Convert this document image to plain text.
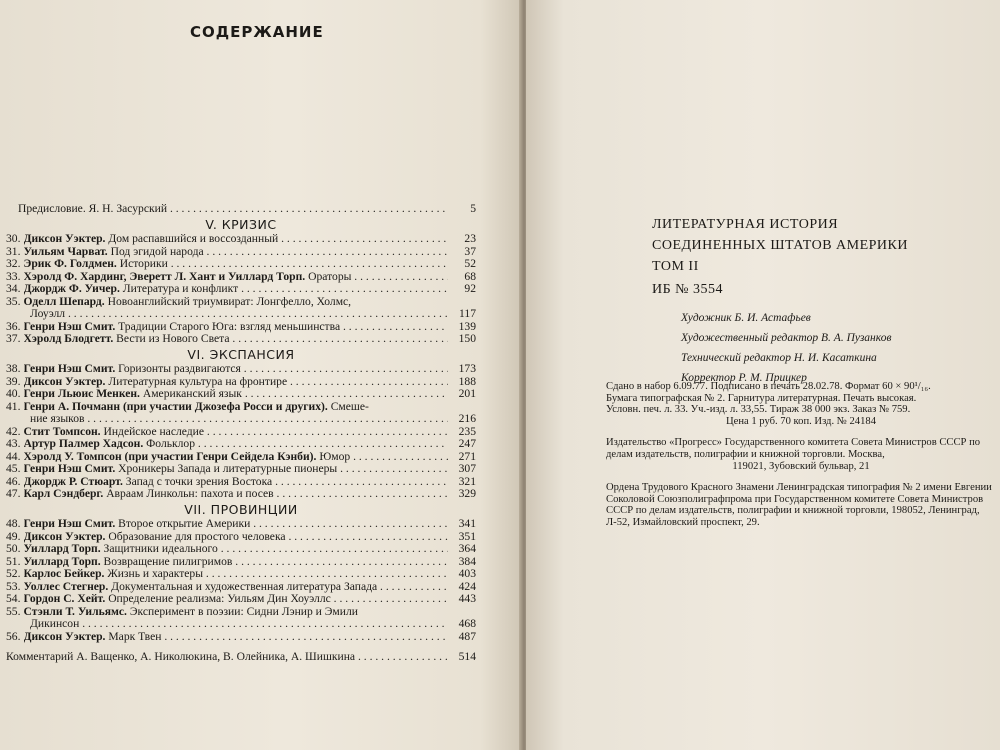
СОДЕРЖАНИЕ
Предисловие. Я. Н. Засурский . . .	5
V. КРИЗИС
30. Диксон Уэктер. Дом распавшийся и воссозданный . . .	23
31. Уильям Чарват. Под эгидой народа . . .	37
32. Эрик Ф. Голдмен. Историки . . .	52
33. Хэролд Ф. Хардинг, Эверетт Л. Хант и Уиллард Торп. Ораторы . . .	68
34. Джордж Ф. Уичер. Литература и конфликт . . .	92
35. Оделл Шепард. Новоанглийский триумвират: Лонгфелло, Холмс,
Лоуэлл . . .	117
36. Генри Нэш Смит. Традиции Старого Юга: взгляд меньшинства . . .	139
37. Хэролд Блодгетт. Вести из Нового Света . . .	150
VI. ЭКСПАНСИЯ
38. Генри Нэш Смит. Горизонты раздвигаются . . .	173
39. Диксон Уэктер. Литературная культура на фронтире . . .	188
40. Генри Льюис Менкен. Американский язык . . .	201
41. Генри А. Почманн (при участии Джозефа Росси и других). Смеше-
ние языков . . .	216
42. Стит Томпсон. Индейское наследие . . .	235
43. Артур Палмер Хадсон. Фольклор . . .	247
44. Хэролд У. Томпсон (при участии Генри Сейдела Кэнби). Юмор . . .	271
45. Генри Нэш Смит. Хроникеры Запада и литературные пионеры . . .	307
46. Джордж Р. Стюарт. Запад с точки зрения Востока . . .	321
47. Карл Сэндберг. Авраам Линкольн: пахота и посев . . .	329
VII. ПРОВИНЦИИ
48. Генри Нэш Смит. Второе открытие Америки . . .	341
49. Диксон Уэктер. Образование для простого человека . . .	351
50. Уиллард Торп. Защитники идеального . . .	364
51. Уиллард Торп. Возвращение пилигримов . . .	384
52. Карлос Бейкер. Жизнь и характеры . . .	403
53. Уоллес Стегнер. Документальная и художественная литература Запада . . .	424
54. Гордон С. Хейт. Определение реализма: Уильям Дин Хоуэллс . . .	443
55. Стэнли Т. Уильямс. Эксперимент в поэзии: Сидни Лэнир и Эмили
Дикинсон . . .	468
56. Диксон Уэктер. Марк Твен . . .	487
Комментарий А. Ващенко, А. Николюкина, В. Олейника, А. Шишкина . . .	514
ЛИТЕРАТУРНАЯ ИСТОРИЯ
СОЕДИНЕННЫХ ШТАТОВ АМЕРИКИ
ТОМ II
ИБ № 3554
Художник Б. И. Астафьев
Художественный редактор В. А. Пузанков
Технический редактор Н. И. Касаткина
Корректор Р. М. Прицкер

Сдано в набор 6.09.77. Подписано в печать 28.02.78. Формат 60 × 90¹/₁₆.
Бумага типографская № 2. Гарнитура литературная. Печать высокая.
Условн. печ. л. 33. Уч.-изд. л. 33,55. Тираж 38 000 экз. Заказ № 759.

Цена 1 руб. 70 коп. Изд. № 24184

Издательство «Прогресс» Государственного комитета Совета Министров СССР по делам издательств, полиграфии и книжной торговли. Москва,
119021, Зубовский бульвар, 21

Ордена Трудового Красного Знамени Ленинградская типография № 2 имени Евгении Соколовой Союзполиграфпрома при Государственном комитете Совета Министров СССР по делам издательств, полиграфии и книжной торговли, 198052, Ленинград, Л-52, Измайловский проспект, 29.
